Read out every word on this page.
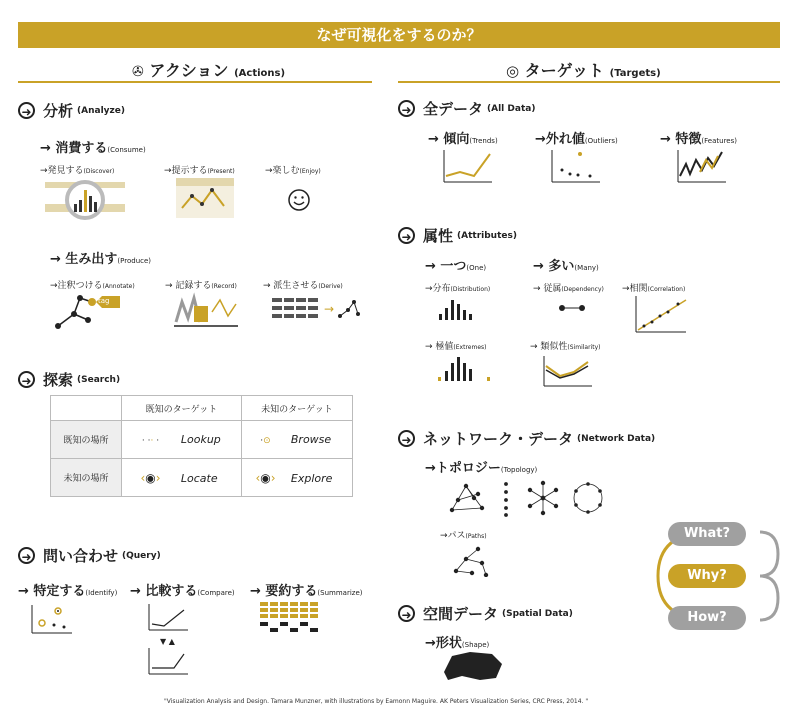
なぜ可視化をするのか？
✇ アクション (Actions)	◎ ターゲット (Targets)
➜ 分析 (Analyze)
→ 消費する(Consume)
→発見する(Discover)	→提示する(Present)	→楽しむ(Enjoy)
→ 生み出す(Produce)
→注釈つける(Annotate)	→ 記録する(Record)	→ 派生させる(Derive)
tag
→
➜ 探索 (Search)
	既知のターゲット	未知のターゲット
既知の場所	· ·· · Lookup	·⊙ Browse
未知の場所	‹◉› Locate	‹◉› Explore
➜ 問い合わせ (Query)
→ 特定する(Identify) → 比較する(Compare) → 要約する(Summarize)
▼ ▲
➜ 全データ (All Data)
→ 傾向(Trends)	→外れ値(Outliers)	→ 特徴(Features)
➜ 属性 (Attributes)
→ 一つ(One)	→ 多い(Many)
→分布(Distribution)	→ 従属(Dependency) →相関(Correlation)
→ 極値(Extremes)	→ 類似性(Similarity)
➜ ネットワーク・データ (Network Data)
→トポロジー(Topology)
→パス(Paths)
➜ 空間データ (Spatial Data)
→形状(Shape)
What?
Why?
How?
"Visualization Analysis and Design. Tamara Munzner, with illustrations by Eamonn Maguire. AK Peters Visualization Series, CRC Press, 2014. "
